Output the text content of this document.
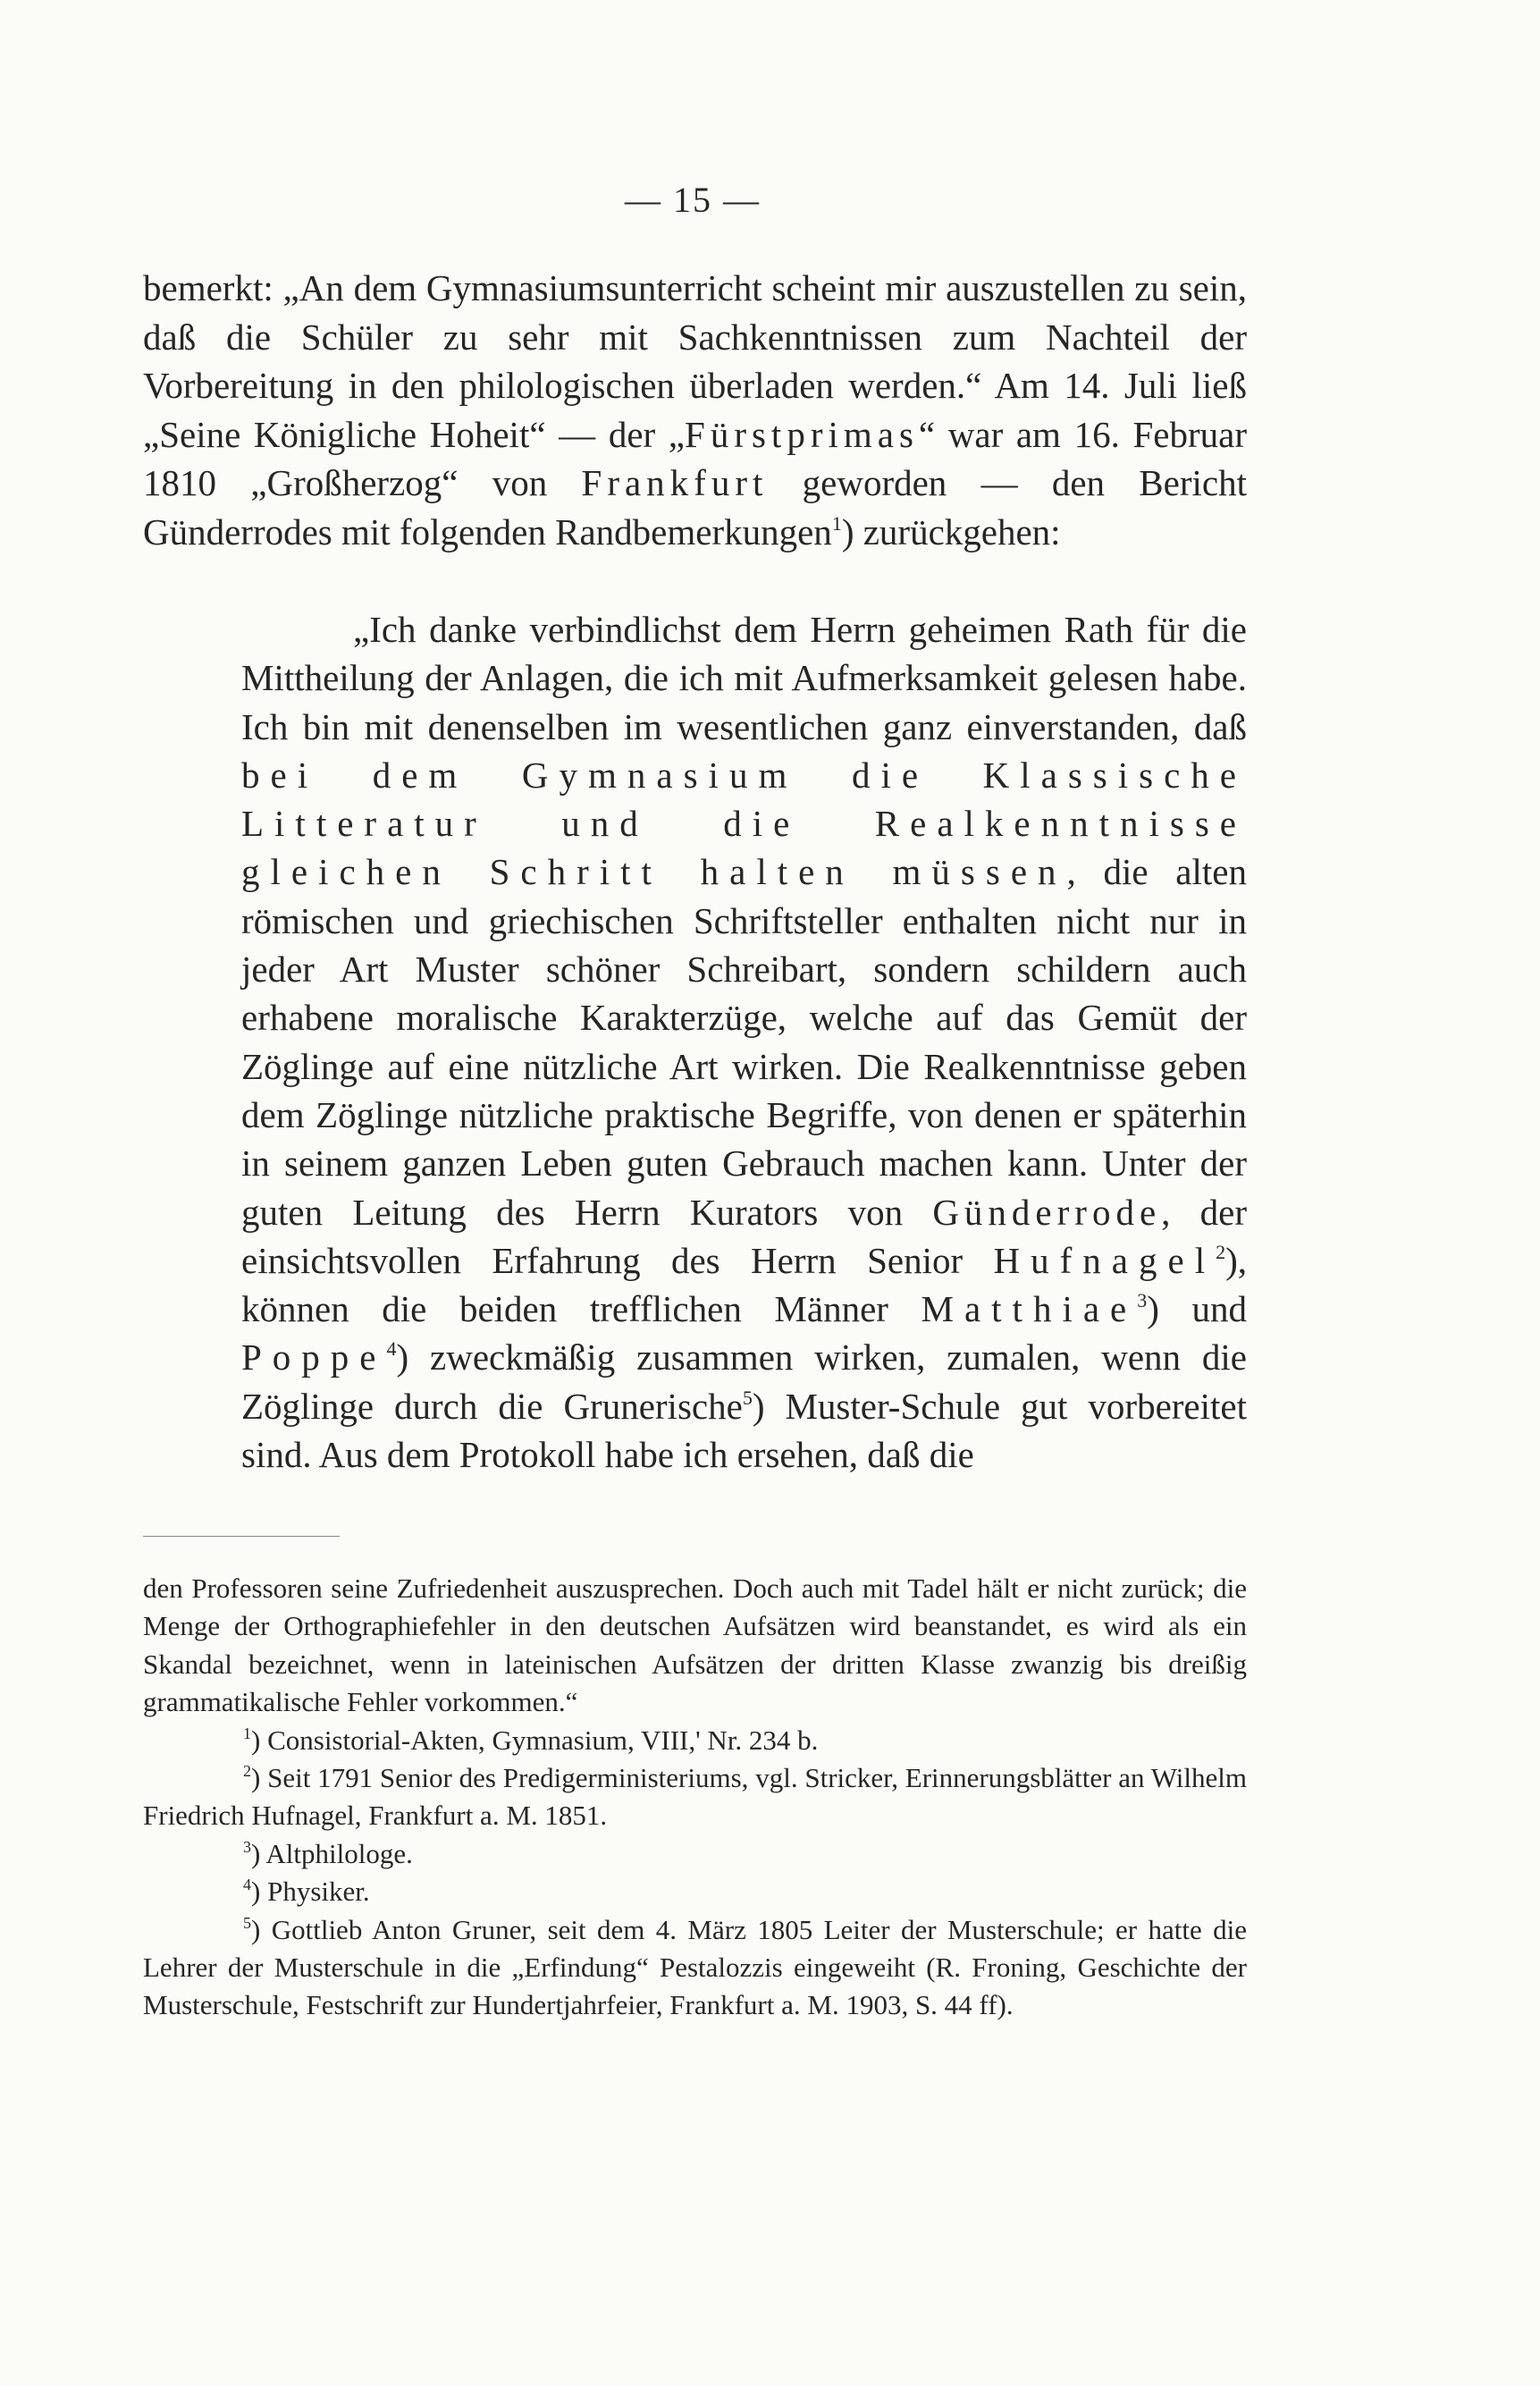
— 15 —

bemerkt: „An dem Gymnasiumsunterricht scheint mir auszustellen zu sein, daß die Schüler zu sehr mit Sachkenntnissen zum Nachteil der Vorbereitung in den philologischen überladen werden.“ Am 14. Juli ließ „Seine Königliche Hoheit“ — der „Fürstprimas“ war am 16. Februar 1810 „Großherzog“ von Frankfurt geworden — den Bericht Günderrodes mit folgenden Randbemerkungen$^1$) zurückgehen:

„Ich danke verbindlichst dem Herrn geheimen Rath für die Mittheilung der Anlagen, die ich mit Aufmerksamkeit gelesen habe. Ich bin mit denenselben im wesentlichen ganz einverstanden, daß bei dem Gymnasium die Klassische Litteratur und die Realkenntnisse gleichen Schritt halten müssen, die alten römischen und griechischen Schriftsteller enthalten nicht nur in jeder Art Muster schöner Schreibart, sondern schildern auch erhabene moralische Karakterzüge, welche auf das Gemüt der Zöglinge auf eine nützliche Art wirken. Die Realkenntnisse geben dem Zöglinge nützliche praktische Begriffe, von denen er späterhin in seinem ganzen Leben guten Gebrauch machen kann. Unter der guten Leitung des Herrn Kurators von Günderrode, der einsichtsvollen Erfahrung des Herrn Senior Hufnagel$^2$), können die beiden trefflichen Männer Matthiae$^3$) und Poppe$^4$) zweckmäßig zusammen wirken, zumalen, wenn die Zöglinge durch die Grunerische$^5$) Muster-Schule gut vorbereitet sind. Aus dem Protokoll habe ich ersehen, daß die

den Professoren seine Zufriedenheit auszusprechen. Doch auch mit Tadel hält er nicht zurück; die Menge der Orthographiefehler in den deutschen Aufsätzen wird beanstandet, es wird als ein Skandal bezeichnet, wenn in lateinischen Aufsätzen der dritten Klasse zwanzig bis dreißig grammatikalische Fehler vorkommen.“

$^1$) Consistorial-Akten, Gymnasium, VIII,' Nr. 234 b.

$^2$) Seit 1791 Senior des Predigerministeriums, vgl. Stricker, Erinnerungsblätter an Wilhelm Friedrich Hufnagel, Frankfurt a. M. 1851.

$^3$) Altphilologe.

$^4$) Physiker.

$^5$) Gottlieb Anton Gruner, seit dem 4. März 1805 Leiter der Musterschule; er hatte die Lehrer der Musterschule in die „Erfindung“ Pestalozzis eingeweiht (R. Froning, Geschichte der Musterschule, Festschrift zur Hundertjahrfeier, Frankfurt a. M. 1903, S. 44 ff).
